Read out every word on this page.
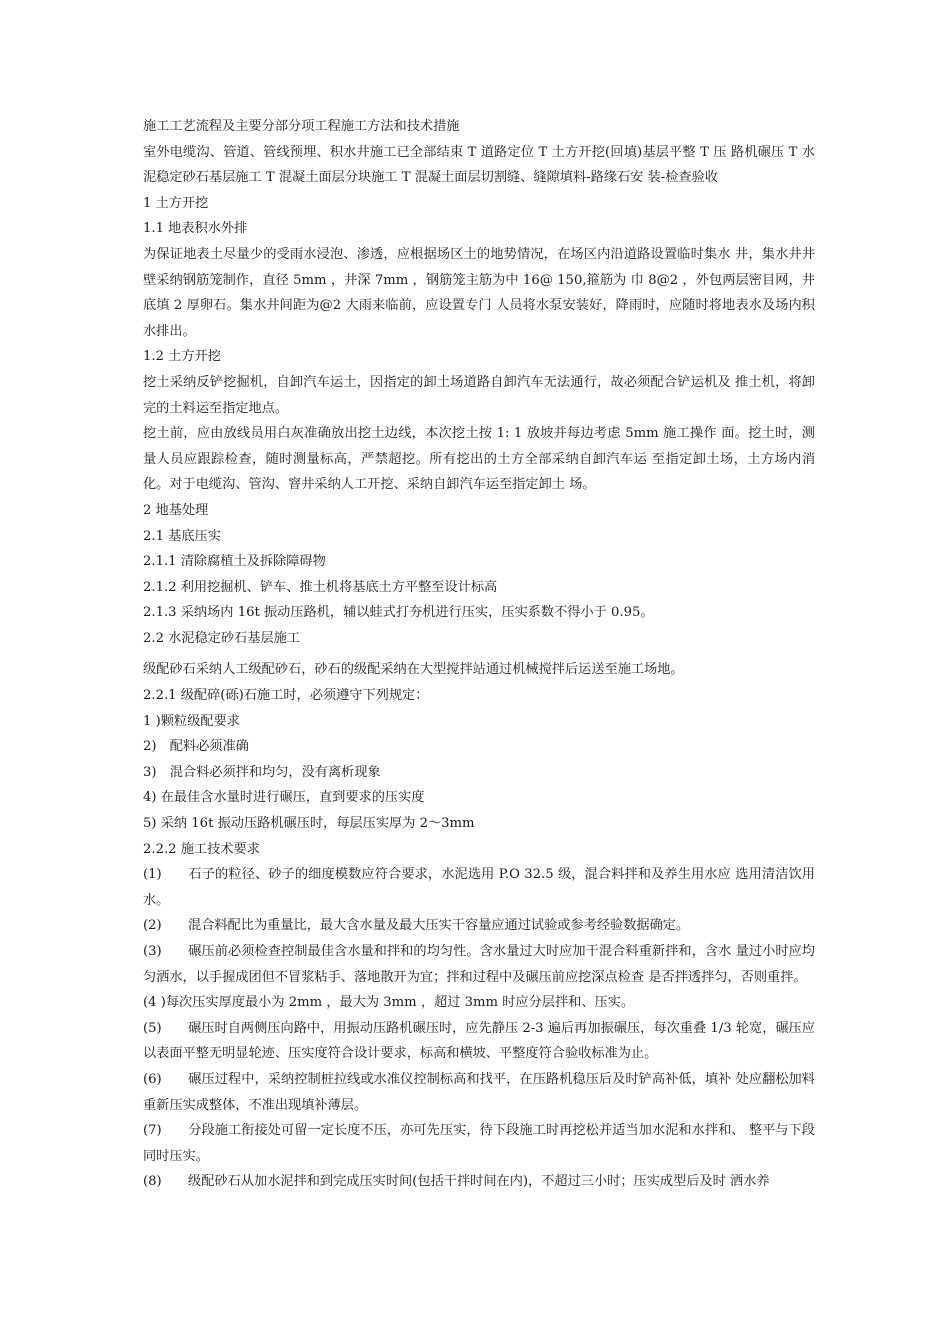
施工工艺流程及主要分部分项工程施工方法和技术措施

室外电缆沟、管道、管线预埋、积水井施工已全部结束 T 道路定位 T 土方开挖(回填)基层平整 T 压 路机碾压 T 水泥稳定砂石基层施工 T 混凝土面层分块施工 T 混凝土面层切割缝、缝隙填料-路缘石安 装-检查验收

1 土方开挖

1.1 地表积水外排

为保证地表土尽量少的受雨水浸泡、渗透，应根据场区土的地势情况，在场区内沿道路设置临时集水 井，集水井井壁采纳钢筋笼制作，直径 5mm ，井深 7mm ，钢筋笼主筋为中 16@ 150,箍筋为 巾 8@2 ，外包两层密目网，井底填 2 厚卵石。集水井间距为@2 大雨来临前，应设置专门 人员将水泵安装好，降雨时，应随时将地表水及场内积水排出。

1.2 土方开挖

挖土采纳反铲挖掘机，自卸汽车运土，因指定的卸土场道路自卸汽车无法通行，故必须配合铲运机及 推土机，将卸完的土料运至指定地点。

挖土前，应由放线员用白灰准确放出挖土边线，本次挖土按 1: 1 放坡并每边考虑 5mm 施工操作 面。挖土时，测量人员应跟踪检查，随时测量标高，严禁超挖。所有挖出的土方全部采纳自卸汽车运 至指定卸土场，土方场内消化。对于电缆沟、管沟、窨井采纳人工开挖、采纳自卸汽车运至指定卸土 场。

2 地基处理

2.1 基底压实

2.1.1 清除腐植土及拆除障碍物

2.1.2 利用挖掘机、铲车、推土机将基底土方平整至设计标高

2.1.3 采纳场内 16t 振动压路机，辅以蛙式打夯机进行压实，压实系数不得小于 0.95。

2.2 水泥稳定砂石基层施工

级配砂石采纳人工级配砂石，砂石的级配采纳在大型搅拌站通过机械搅拌后运送至施工场地。

2.2.1 级配碎(砾)石施工时，必须遵守下列规定：

1 )颗粒级配要求

2)　配料必须准确

3)　混合料必须拌和均匀，没有离析现象

4) 在最佳含水量时进行碾压，直到要求的压实度

5) 采纳 16t 振动压路机碾压时，每层压实厚为 2〜3mm

2.2.2 施工技术要求

(1)　　石子的粒径、砂子的细度模数应符合要求，水泥选用 P.O 32.5 级，混合料拌和及养生用水应 选用清洁饮用水。

(2)　　混合料配比为重量比，最大含水量及最大压实干容量应通过试验或参考经验数据确定。

(3)　　碾压前必须检查控制最佳含水量和拌和的均匀性。含水量过大时应加干混合料重新拌和，含水 量过小时应均匀洒水，以手握成团但不冒浆粘手、落地散开为宜；拌和过程中及碾压前应挖深点检查 是否拌透拌匀，否则重拌。

(4 )每次压实厚度最小为 2mm ，最大为 3mm ，超过 3mm 时应分层拌和、压实。

(5)　　碾压时自两侧压向路中，用振动压路机碾压时，应先静压 2-3 遍后再加振碾压，每次重叠 1/3 轮宽，碾压应以表面平整无明显轮迹、压实度符合设计要求，标高和横坡、平整度符合验收标准为止。

(6)　　碾压过程中，采纳控制桩拉线或水准仪控制标高和找平，在压路机稳压后及时铲高补低，填补 处应翻松加料重新压实成整体，不准出现填补薄层。

(7)　　分段施工衔接处可留一定长度不压，亦可先压实，待下段施工时再挖松并适当加水泥和水拌和、 整平与下段同时压实。

(8)　　级配砂石从加水泥拌和到完成压实时间(包括干拌时间在内)，不超过三小时；压实成型后及时 洒水养
